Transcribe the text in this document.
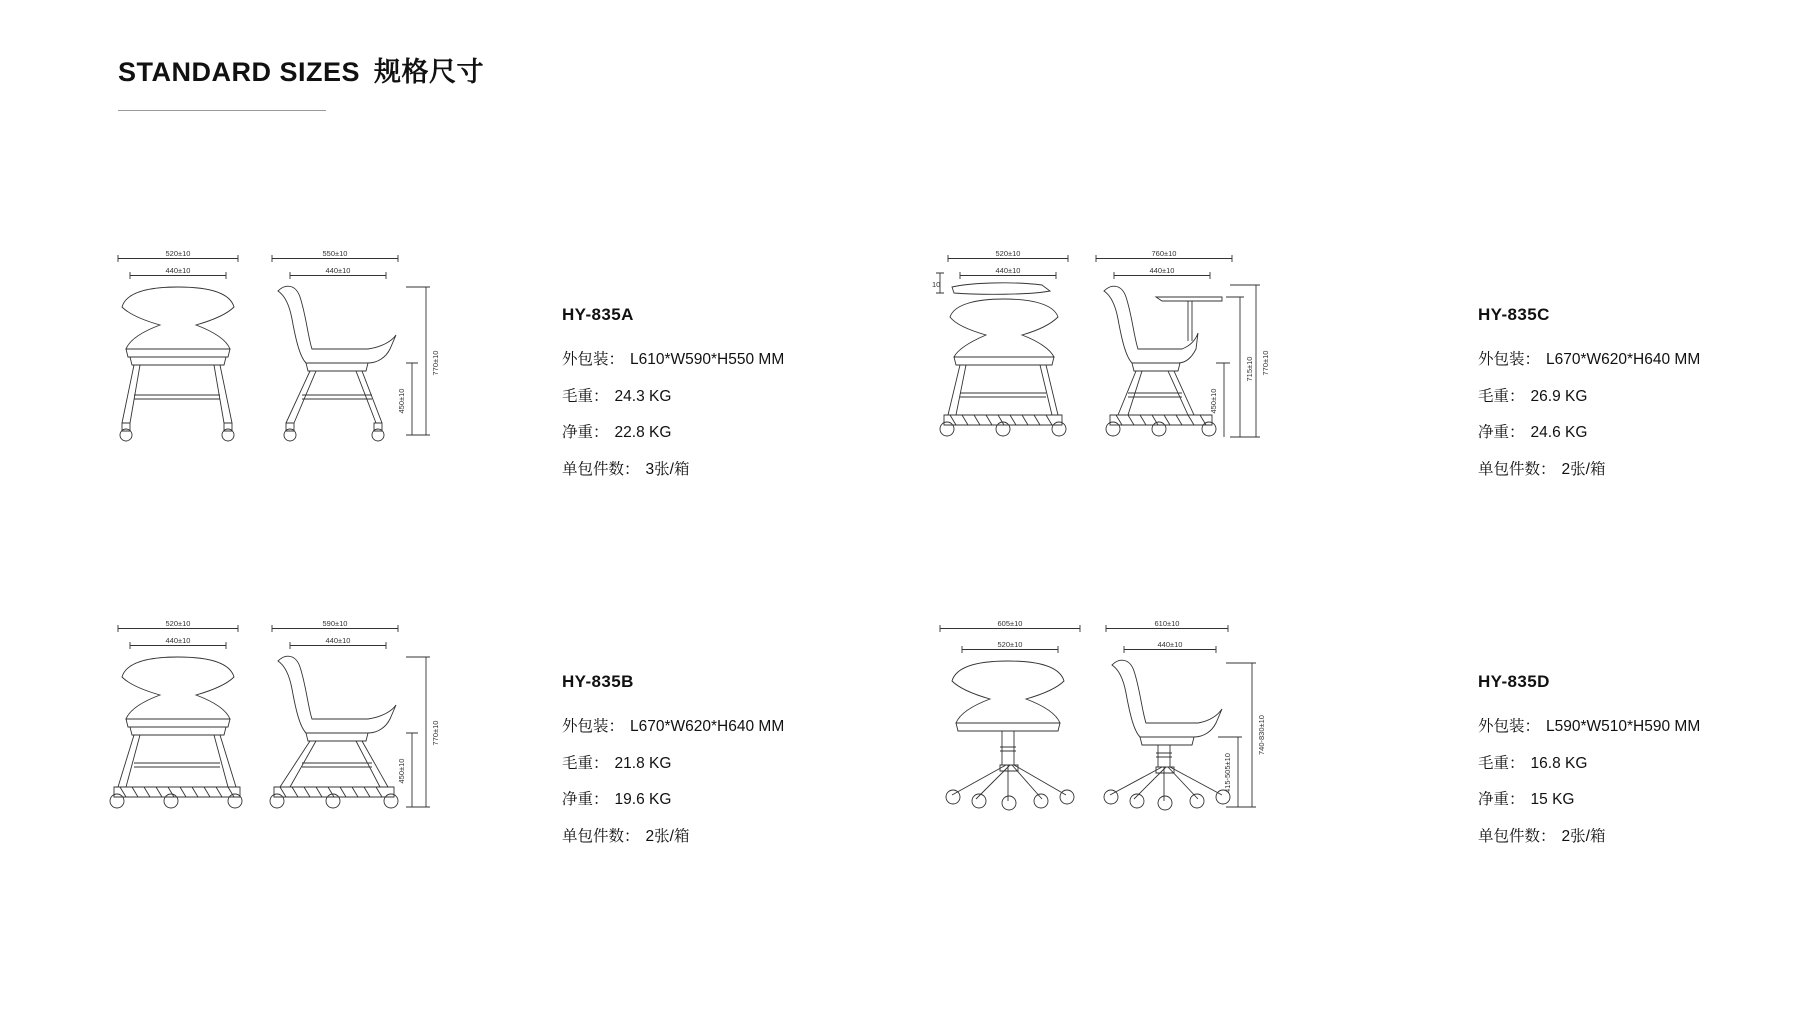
STANDARD SIZES 规格尺寸
520±10
440±10
550±10
440±10
770±10
450±10
HY-835A
外包装： L610*W590*H550 MM
毛重： 24.3 KG
净重： 22.8 KG
单包件数： 3张/箱
520±10
440±10
10
760±10
440±10
770±10
715±10
450±10
HY-835C
外包装： L670*W620*H640 MM
毛重： 26.9 KG
净重： 24.6 KG
单包件数： 2张/箱
520±10
440±10
590±10
440±10
770±10
450±10
HY-835B
外包装： L670*W620*H640 MM
毛重： 21.8 KG
净重： 19.6 KG
单包件数： 2张/箱
605±10
520±10
610±10
440±10
740-830±10
415-505±10
HY-835D
外包装： L590*W510*H590 MM
毛重： 16.8 KG
净重： 15 KG
单包件数： 2张/箱
